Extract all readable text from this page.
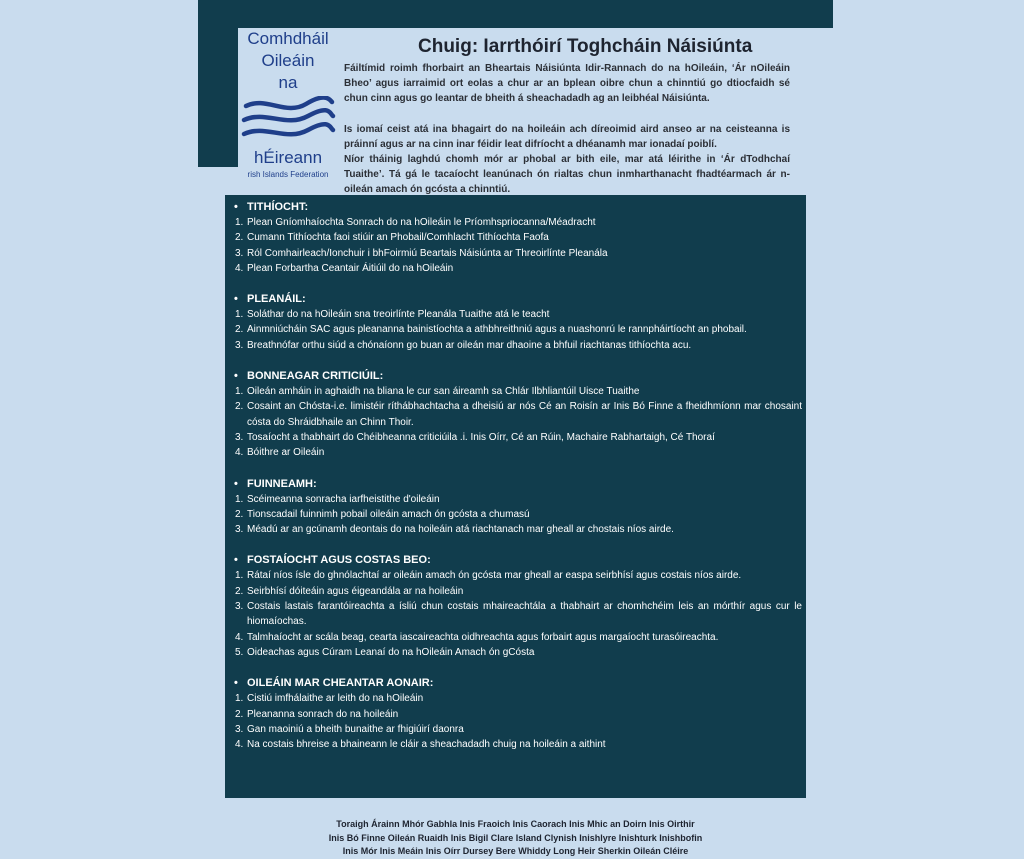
Comhdháil
Oileáin
na
hÉireann
rish Islands Federation
Chuig: Iarrthóirí Toghcháin Náisiúnta

Fáiltímid roimh fhorbairt an Bheartais Náisiúnta Idir-Rannach do na hOileáin, ‘Ár nOileáin Bheo’ agus iarraimid ort eolas a chur ar an bplean oibre chun a chinntiú go dtiocfaidh sé chun cinn agus go leantar de bheith á sheachadadh ag an leibhéal Náisiúnta.

Is iomaí ceist atá ina bhagairt do na hoileáin ach díreoimid aird anseo ar na ceisteanna is práinní agus ar na cinn inar féidir leat difríocht a dhéanamh mar ionadaí poiblí.

Níor tháinig laghdú chomh mór ar phobal ar bith eile, mar atá léirithe in ‘Ár dTodhchaí Tuaithe’. Tá gá le tacaíocht leanúnach ón rialtas chun inmharthanacht fhadtéarmach ár n-oileán amach ón gcósta a chinntiú.

• TITHÍOCHT:
1. Plean Gníomhaíochta Sonrach do na hOileáin le Príomhspriocanna/Méadracht
2. Cumann Tithíochta faoi stiúir an Phobail/Comhlacht Tithíochta Faofa
3. Ról Comhairleach/Ionchuir i bhFoirmiú Beartais Náisiúnta ar Threoirlínte Pleanála
4. Plean Forbartha Ceantair Áitiúil do na hOileáin
• PLEANÁIL:
1. Soláthar do na hOileáin sna treoirlínte Pleanála Tuaithe atá le teacht
2. Ainmniúcháin SAC agus pleananna bainistíochta a athbhreithniú agus a nuashonrú le rannpháirtíocht an phobail.
3. Breathnófar orthu siúd a chónaíonn go buan ar oileán mar dhaoine a bhfuil riachtanas tithíochta acu.
• BONNEAGAR CRITICIÚIL:
1. Oileán amháin in aghaidh na bliana le cur san áireamh sa Chlár Ilbhliantúil Uisce Tuaithe
2. Cosaint an Chósta-i.e. limistéir ríthábhachtacha a dheisiú ar nós Cé an Roisín ar Inis Bó Finne a fheidhmíonn mar chosaint cósta do Shráidbhaile an Chinn Thoir.
3. Tosaíocht a thabhairt do Chéibheanna criticiúila .i. Inis Oírr, Cé an Rúin, Machaire Rabhartaigh, Cé Thoraí
4. Bóithre ar Oileáin
• FUINNEAMH:
1. Scéimeanna sonracha iarfheistithe d'oileáin
2. Tionscadail fuinnimh pobail oileáin amach ón gcósta a chumasú
3. Méadú ar an gcúnamh deontais do na hoileáin atá riachtanach mar gheall ar chostais níos airde.
• FOSTAÍOCHT AGUS COSTAS BEO:
1. Rátaí níos ísle do ghnólachtaí ar oileáin amach ón gcósta mar gheall ar easpa seirbhísí agus costais níos airde.
2. Seirbhísí dóiteáin agus éigeandála ar na hoileáin
3. Costais lastais farantóireachta a ísliú chun costais mhaireachtála a thabhairt ar chomhchéim leis an mórthír agus cur le hiomaíochas.
4. Talmhaíocht ar scála beag, cearta iascaireachta oidhreachta agus forbairt agus margaíocht turasóireachta.
5. Oideachas agus Cúram Leanaí do na hOileáin Amach ón gCósta
• OILEÁIN MAR CHEANTAR AONAIR:
1. Cistiú imfhálaithe ar leith do na hOileáin
2. Pleananna sonrach do na hoileáin
3. Gan maoiniú a bheith bunaithe ar fhigiúirí daonra
4. Na costais bhreise a bhaineann le cláir a sheachadadh chuig na hoileáin a aithint
Toraigh Árainn Mhór Gabhla Inis Fraoich Inis Caorach Inis Mhic an Doirn Inis Oirthir
Inis Bó Finne Oileán Ruaidh Inis Bigil Clare Island Clynish Inishlyre Inishturk Inishbofin
Inis Mór Inis Meáin Inis Oírr Dursey Bere Whiddy Long Heir Sherkin Oileán Cléire
